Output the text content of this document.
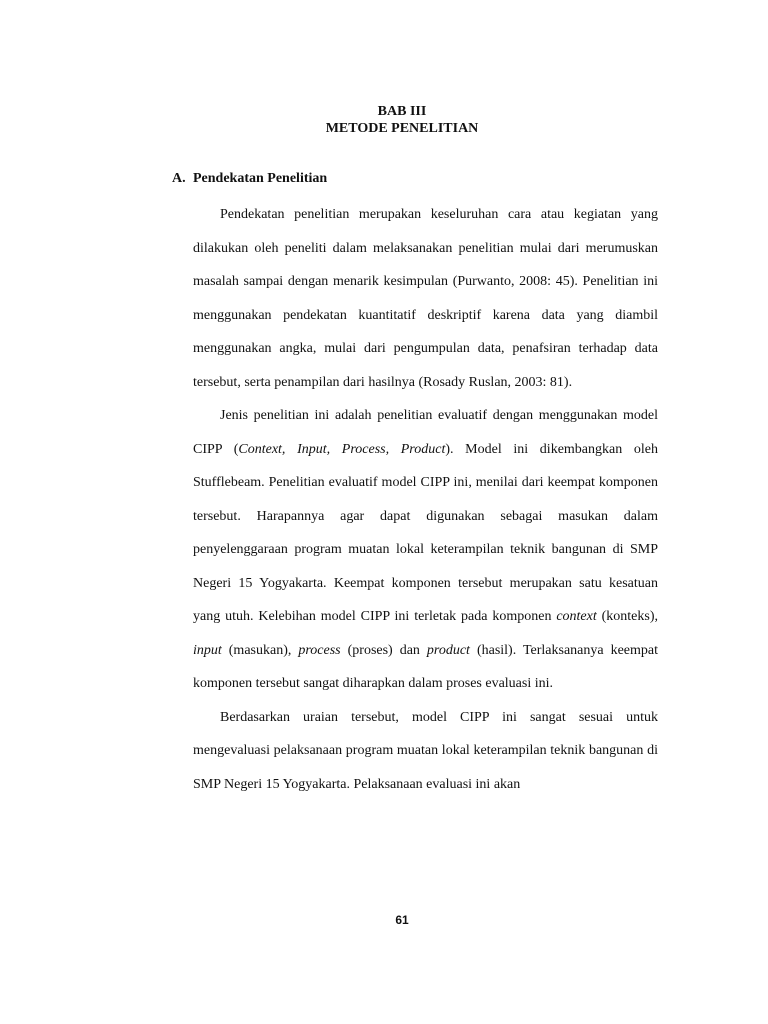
BAB III
METODE PENELITIAN
A. Pendekatan Penelitian

Pendekatan penelitian merupakan keseluruhan cara atau kegiatan yang dilakukan oleh peneliti dalam melaksanakan penelitian mulai dari merumuskan masalah sampai dengan menarik kesimpulan (Purwanto, 2008: 45). Penelitian ini menggunakan pendekatan kuantitatif deskriptif karena data yang diambil menggunakan angka, mulai dari pengumpulan data, penafsiran terhadap data tersebut, serta penampilan dari hasilnya (Rosady Ruslan, 2003: 81).

Jenis penelitian ini adalah penelitian evaluatif dengan menggunakan model CIPP (Context, Input, Process, Product). Model ini dikembangkan oleh Stufflebeam. Penelitian evaluatif model CIPP ini, menilai dari keempat komponen tersebut. Harapannya agar dapat digunakan sebagai masukan dalam penyelenggaraan program muatan lokal keterampilan teknik bangunan di SMP Negeri 15 Yogyakarta. Keempat komponen tersebut merupakan satu kesatuan yang utuh. Kelebihan model CIPP ini terletak pada komponen context (konteks), input (masukan), process (proses) dan product (hasil). Terlaksananya keempat komponen tersebut sangat diharapkan dalam proses evaluasi ini.

Berdasarkan uraian tersebut, model CIPP ini sangat sesuai untuk mengevaluasi pelaksanaan program muatan lokal keterampilan teknik bangunan di SMP Negeri 15 Yogyakarta. Pelaksanaan evaluasi ini akan

61
